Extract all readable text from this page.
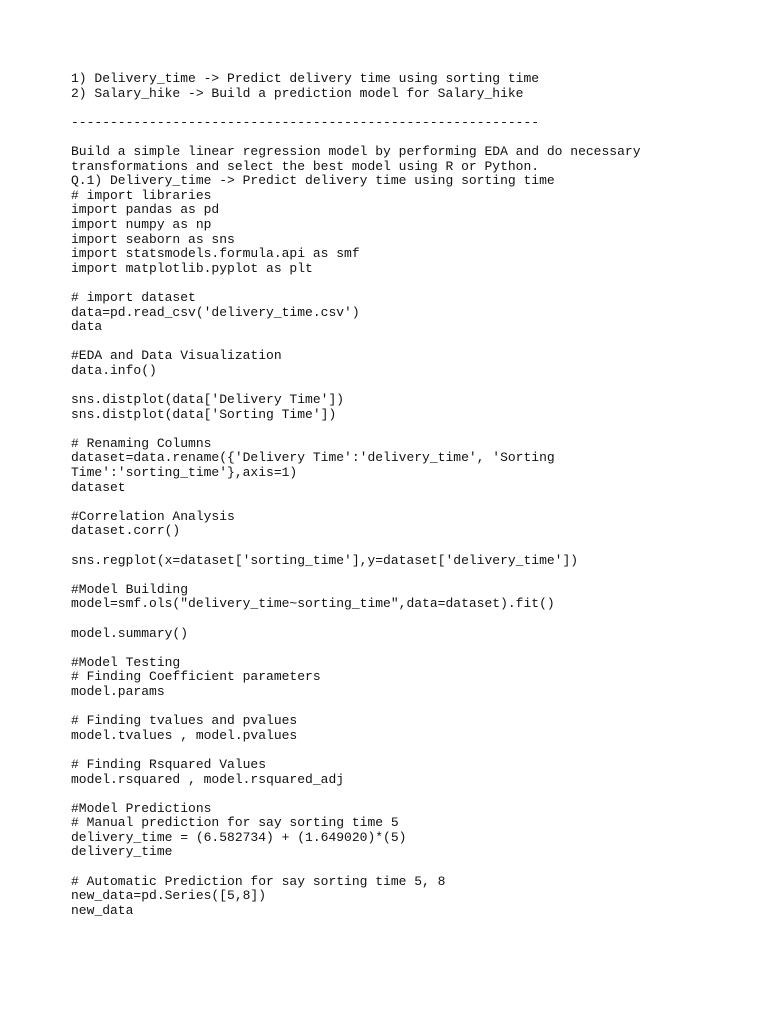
1) Delivery_time -> Predict delivery time using sorting time
2) Salary_hike -> Build a prediction model for Salary_hike
------------------------------------------------------------
Build a simple linear regression model by performing EDA and do necessary
transformations and select the best model using R or Python.
Q.1) Delivery_time -> Predict delivery time using sorting time
# import libraries
import pandas as pd
import numpy as np
import seaborn as sns
import statsmodels.formula.api as smf
import matplotlib.pyplot as plt
# import dataset
data=pd.read_csv('delivery_time.csv')
data
#EDA and Data Visualization
data.info()
sns.distplot(data['Delivery Time'])
sns.distplot(data['Sorting Time'])
# Renaming Columns
dataset=data.rename({'Delivery Time':'delivery_time', 'Sorting
Time':'sorting_time'},axis=1)
dataset
#Correlation Analysis
dataset.corr()
sns.regplot(x=dataset['sorting_time'],y=dataset['delivery_time'])
#Model Building
model=smf.ols("delivery_time~sorting_time",data=dataset).fit()
model.summary()
#Model Testing
# Finding Coefficient parameters
model.params
# Finding tvalues and pvalues
model.tvalues , model.pvalues
# Finding Rsquared Values
model.rsquared , model.rsquared_adj
#Model Predictions
# Manual prediction for say sorting time 5
delivery_time = (6.582734) + (1.649020)*(5)
delivery_time
# Automatic Prediction for say sorting time 5, 8
new_data=pd.Series([5,8])
new_data
